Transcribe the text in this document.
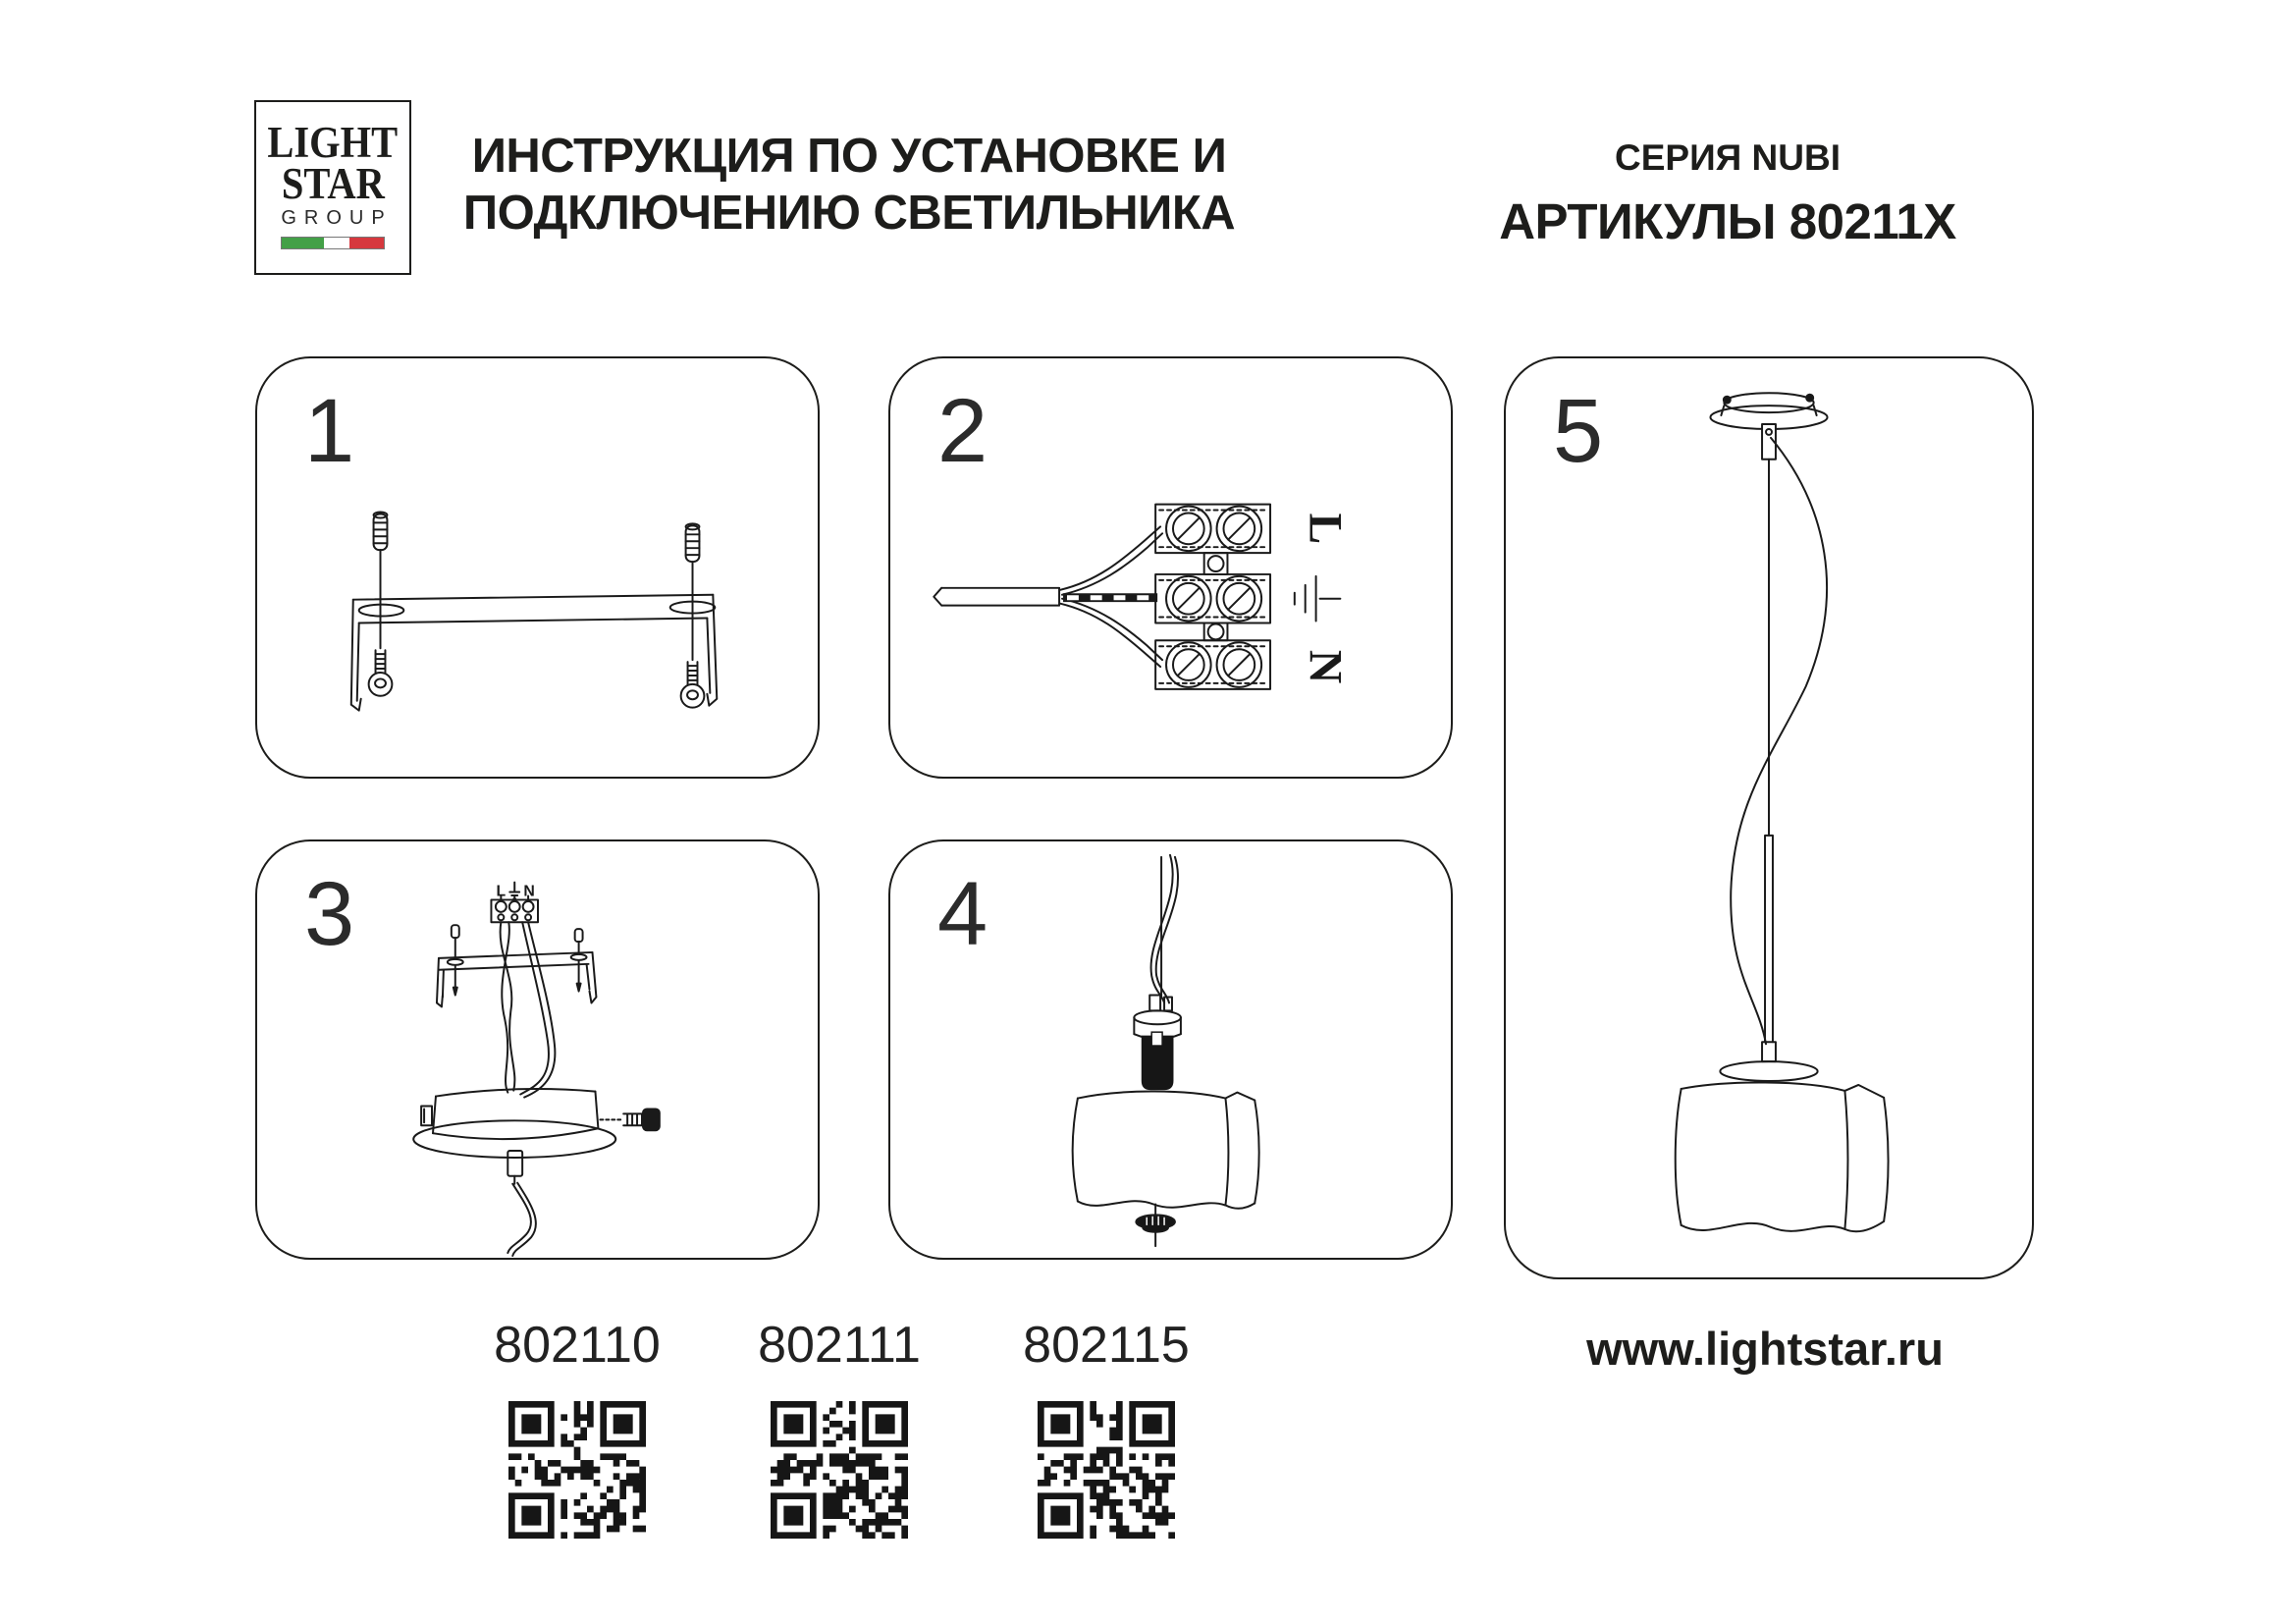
LIGHT
STAR
GROUP
ИНСТРУКЦИЯ ПО УСТАНОВКЕ И
ПОДКЛЮЧЕНИЮ СВЕТИЛЬНИКА
СЕРИЯ NUBI
АРТИКУЛЫ 80211X
1	2
L
N
3	L N	4
5
802110	802111	802115	www.lightstar.ru
